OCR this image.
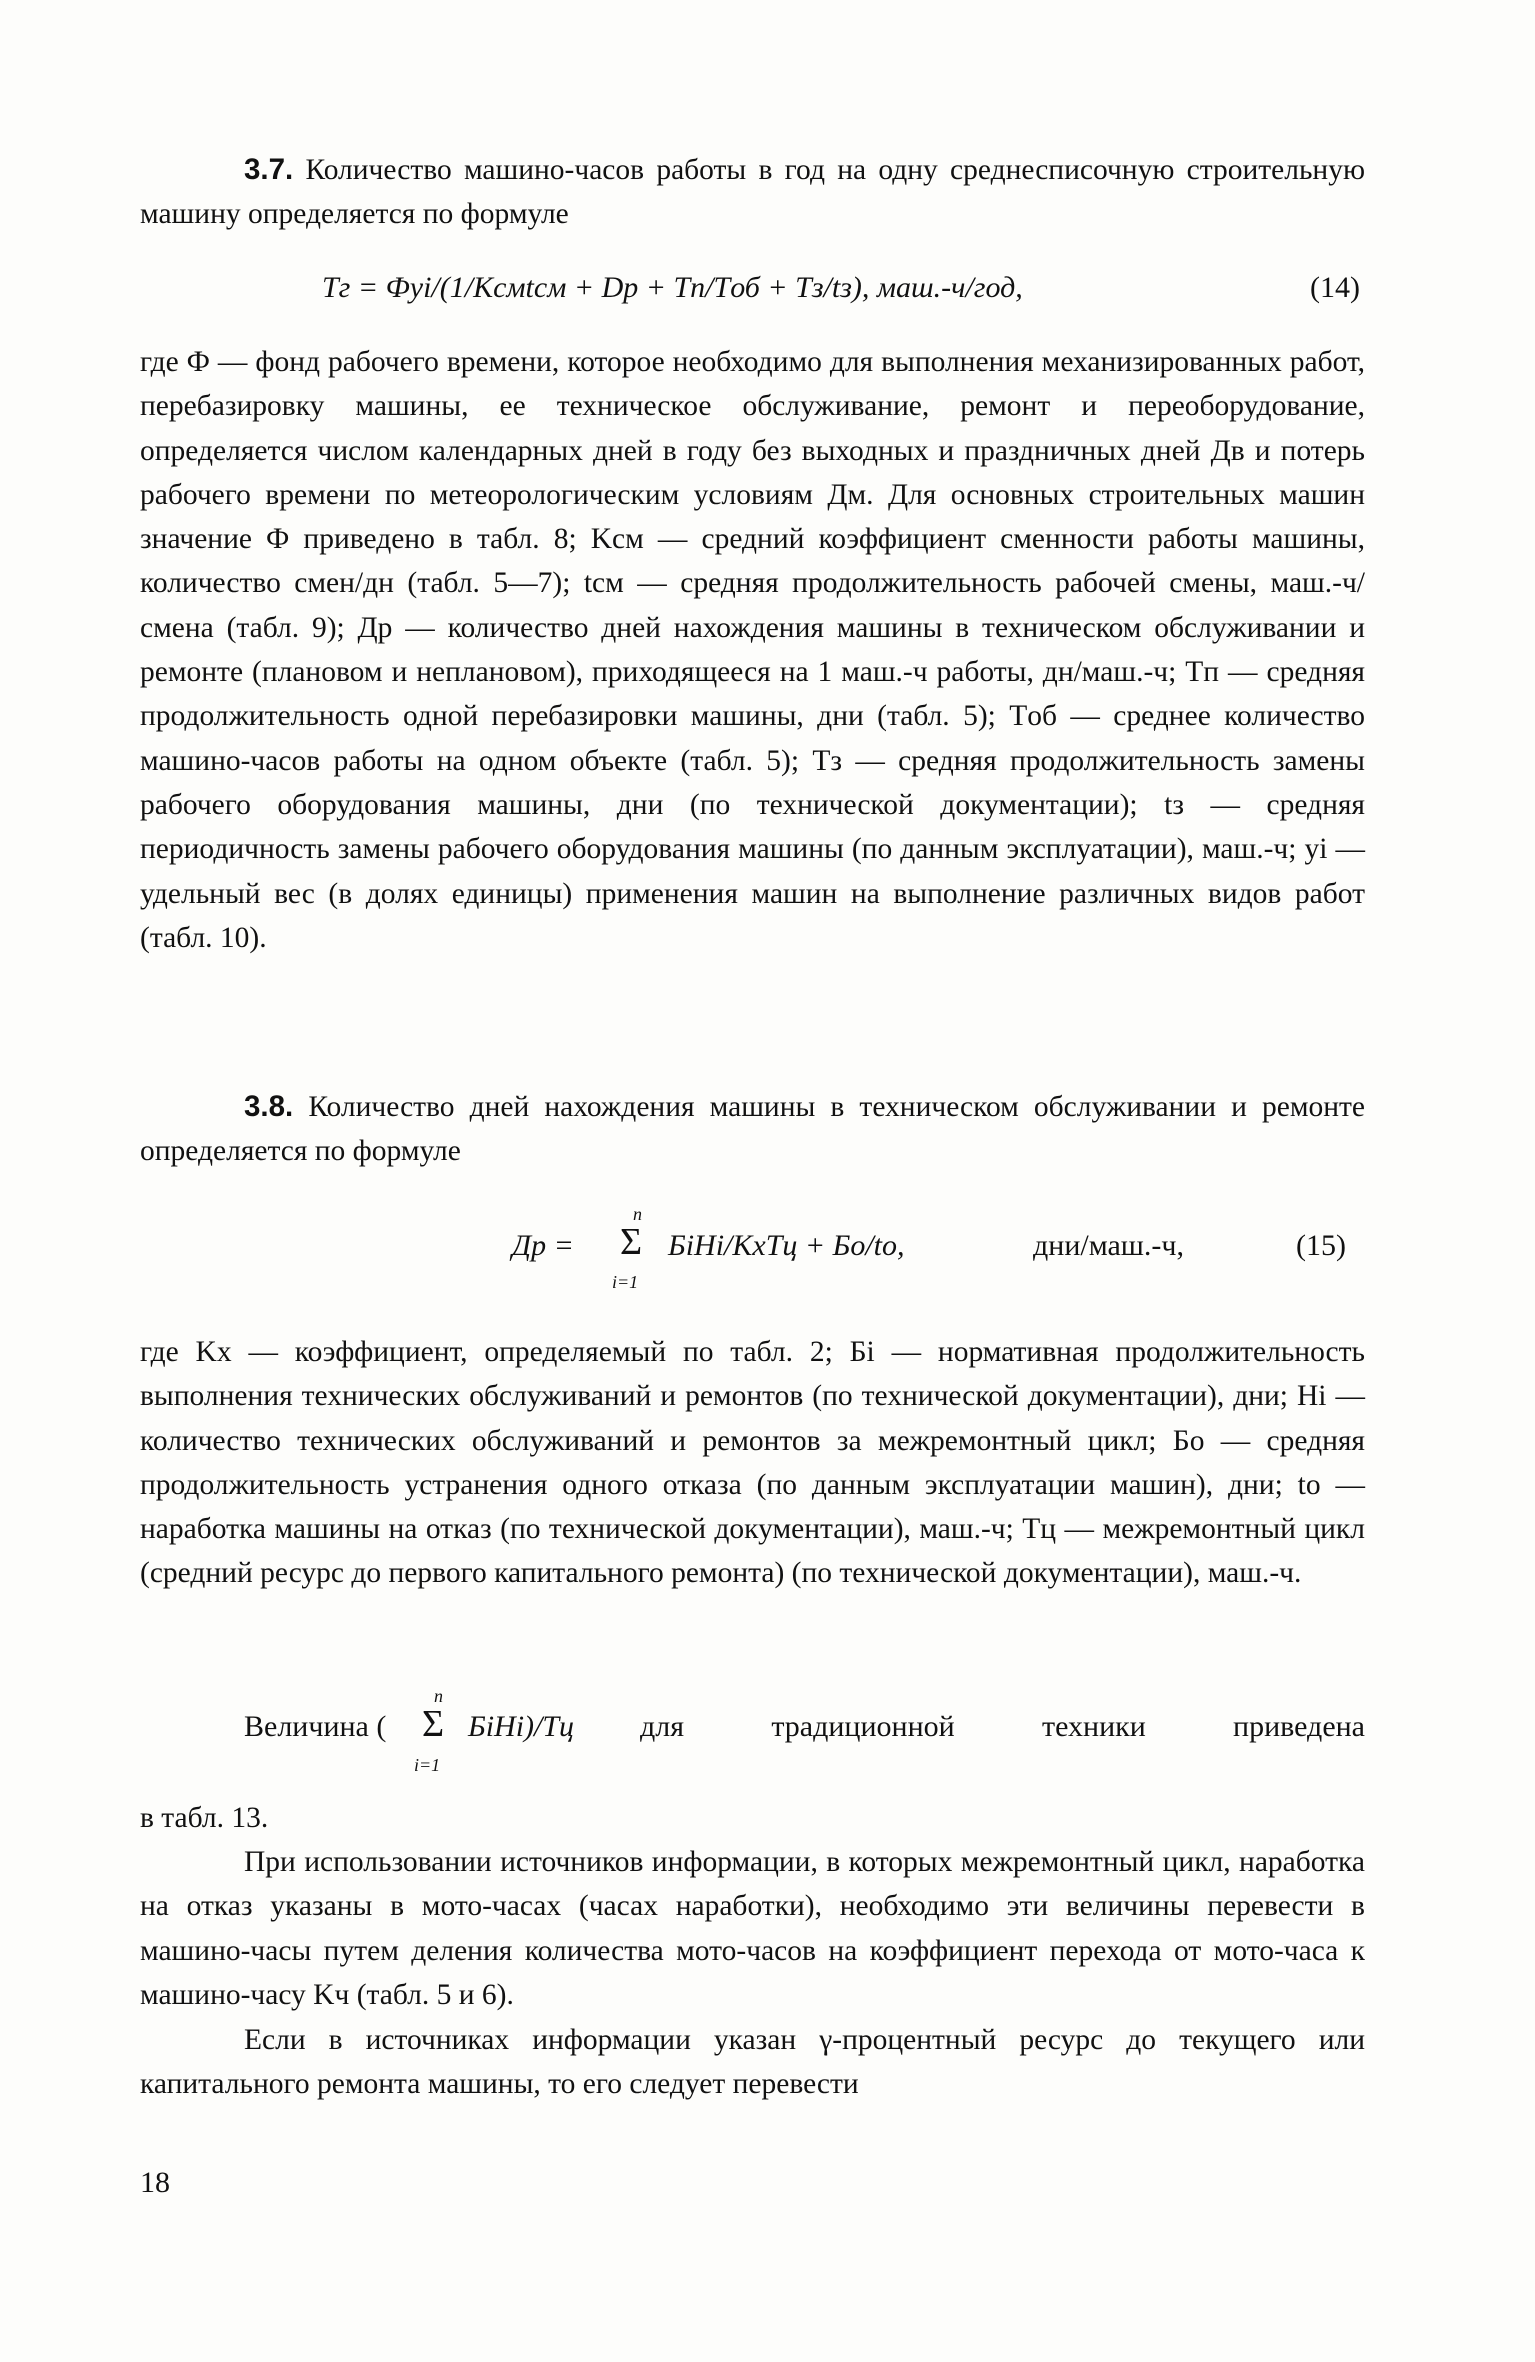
3.7. Количество машино-часов работы в год на одну среднесписочную строительную машину определяется по формуле
Tг = Фyi/(1/Kсмtсм + Dр + Tп/Tоб + Tз/tз), маш.-ч/год,	(14)
где Ф — фонд рабочего времени, которое необходимо для выполнения механизированных работ, перебазировку машины, ее техническое обслуживание, ремонт и переоборудование, определяется числом календарных дней в году без выходных и праздничных дней Дв и потерь рабочего времени по метеорологическим условиям Дм. Для основных строительных машин значение Ф приведено в табл. 8; Kсм — средний коэффициент сменности работы машины, количество смен/дн (табл. 5—7); tсм — средняя продолжительность рабочей смены, маш.-ч/смена (табл. 9); Др — количество дней нахождения машины в техническом обслуживании и ремонте (плановом и неплановом), приходящееся на 1 маш.-ч работы, дн/маш.-ч; Tп — средняя продолжительность одной перебазировки машины, дни (табл. 5); Tоб — среднее количество машино-часов работы на одном объекте (табл. 5); Tз — средняя продолжительность замены рабочего оборудования машины, дни (по технической документации); tз — средняя периодичность замены рабочего оборудования машины (по данным эксплуатации), маш.-ч; yi — удельный вес (в долях единицы) применения машин на выполнение различных видов работ (табл. 10).
3.8. Количество дней нахождения машины в техническом обслуживании и ремонте определяется по формуле
Др =
n
Σ
i=1
БiHi/KxTц + Бо/tо,	дни/маш.-ч,	(15)
где Kx — коэффициент, определяемый по табл. 2; Бi — нормативная продолжительность выполнения технических обслуживаний и ремонтов (по технической документации), дни; Hi — количество технических обслуживаний и ремонтов за межремонтный цикл; Бо — средняя продолжительность устранения одного отказа (по данным эксплуатации машин), дни; tо — наработка машины на отказ (по технической документации), маш.-ч; Tц — межремонтный цикл (средний ресурс до первого капитального ремонта) (по технической документации), маш.-ч.
Величина (
n
Σ
i=1
БiHi)/Tц для традиционной техники приведена
в табл. 13.
При использовании источников информации, в которых межремонтный цикл, наработка на отказ указаны в мото-часах (часах наработки), необходимо эти величины перевести в машино-часы путем деления количества мото-часов на коэффициент перехода от мото-часа к машино-часу Kч (табл. 5 и 6).
Если в источниках информации указан γ-процентный ресурс до текущего или капитального ремонта машины, то его следует перевести
18
